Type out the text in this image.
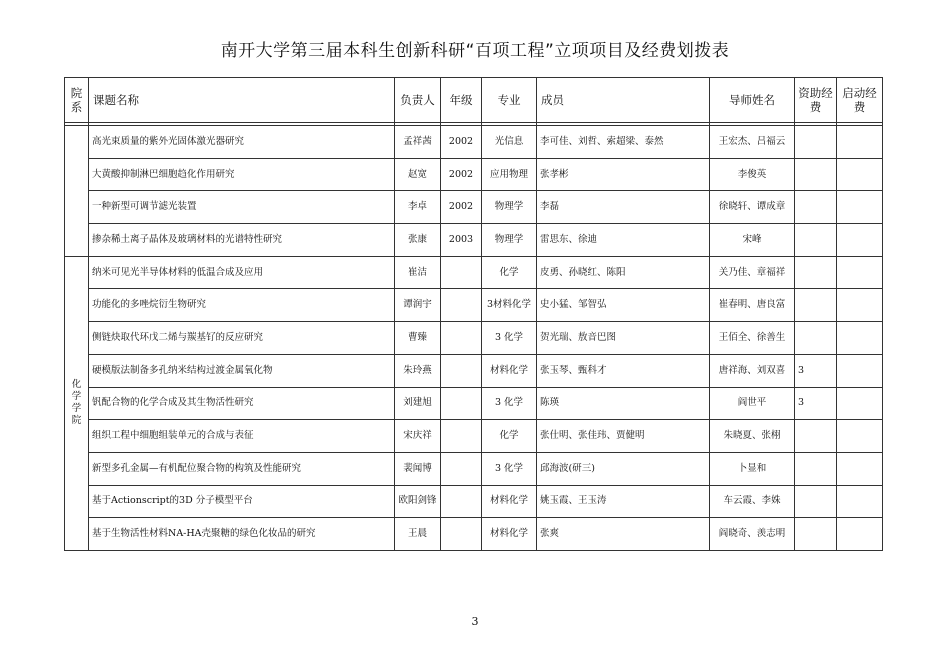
南开大学第三届本科生创新科研“百项工程”立项项目及经费划拨表
院系	课题名称	负责人	年级	专业	成员	导师姓名	资助经费	启动经费

	高光束质量的紫外光固体激光器研究	孟祥茜	2002	光信息	李可佳、刘哲、索超梁、泰然	王宏杰、吕福云		
	大黄酸抑制淋巴细胞趋化作用研究	赵宽	2002	应用物理	张孝彬	李俊英		
	一种新型可调节滤光装置	李卓	2002	物理学	李磊	徐晓轩、谭成章		
	掺杂稀土离子晶体及玻璃材料的光谱特性研究	张康	2003	物理学	雷思东、徐迪	宋峰		

化学学院	纳米可见光半导体材料的低温合成及应用	崔洁		化学	皮勇、孙晓红、陈阳	关乃佳、章福祥		
	功能化的多唑烷衍生物研究	谭润宇		3材料化学	史小猛、邹智弘	崔春明、唐良富		
	侧链炔取代环戊二烯与羰基钌的反应研究	曹臻		3 化学	贺光瑞、敖音巴图	王佰全、徐善生		
	硬模版法制备多孔纳米结构过渡金属氧化物	朱玲燕		材料化学	张玉琴、甄科才	唐祥海、刘双喜	3	
	钒配合物的化学合成及其生物活性研究	刘建旭		3 化学	陈瑛	阎世平	3	
	组织工程中细胞组装单元的合成与表征	宋庆祥		化学	张仕明、张佳玮、贾健明	朱晓夏、张栩		
	新型多孔金属—有机配位聚合物的构筑及性能研究	裴闻博		3 化学	邱海波(研三)	卜显和		
	基于Actionscript的3D 分子模型平台	欧阳剑锋		材料化学	姚玉霞、王玉涛	车云霞、李姝		
	基于生物活性材料NA-HA壳聚糖的绿色化妆品的研究	王晨		材料化学	张爽	阎晓奇、羡志明		
3
